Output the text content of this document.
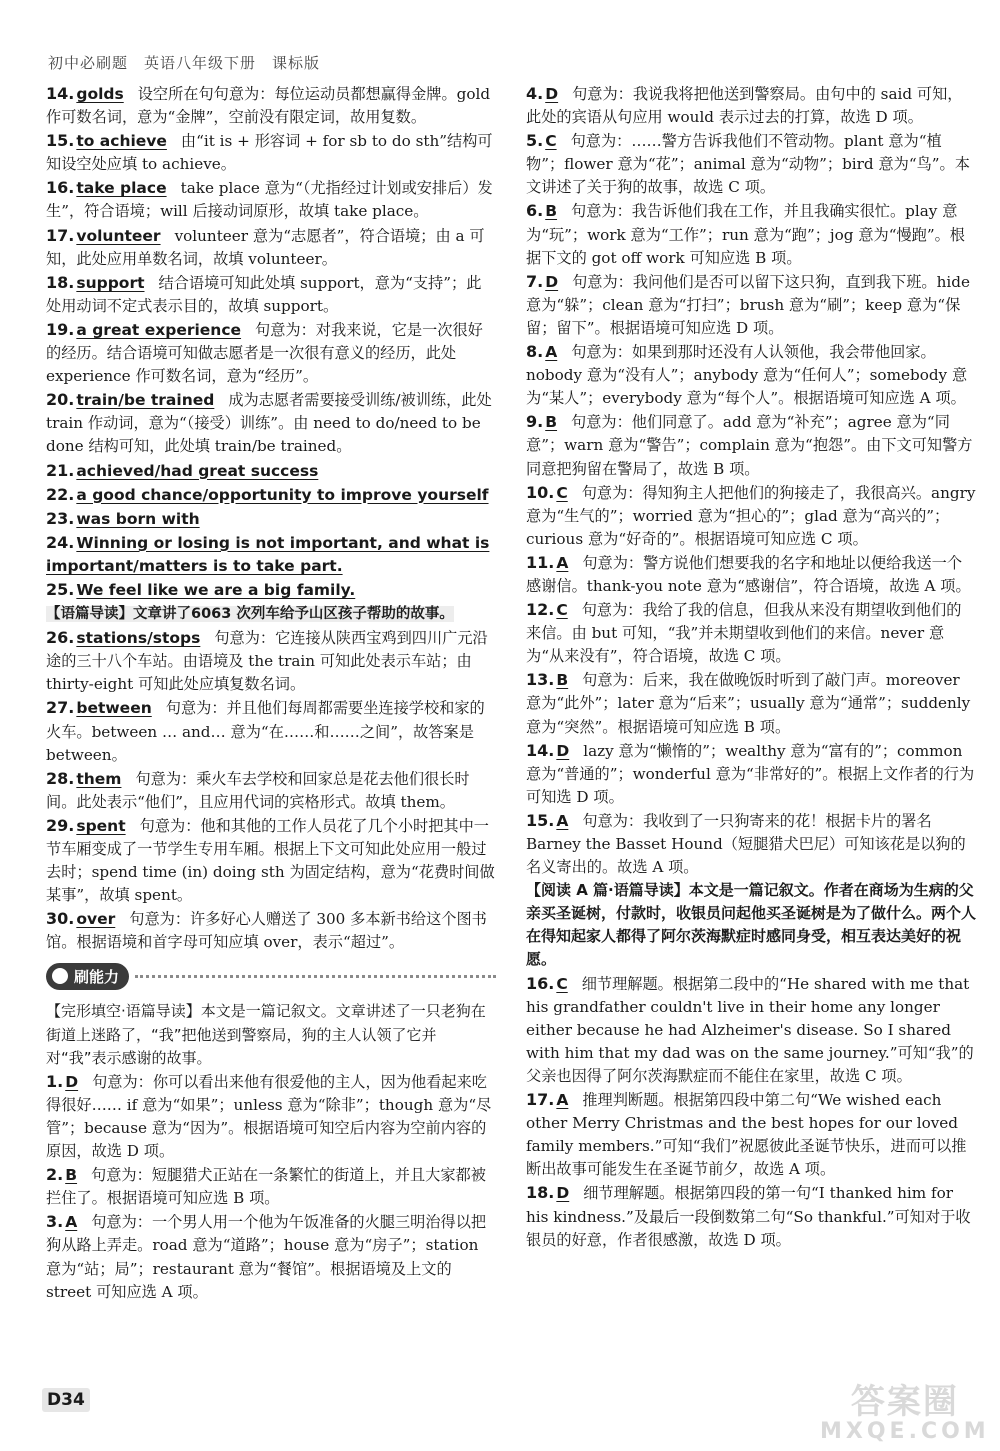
初中必刷题　英语八年级下册　课标版

14. golds 设空所在句句意为：每位运动员都想赢得金牌。gold 作可数名词，意为“金牌”，空前没有限定词，故用复数。

15. to achieve 由“it is + 形容词 + for sb to do sth”结构可知设空处应填 to achieve。

16. take place take place 意为“（尤指经过计划或安排后）发生”，符合语境；will 后接动词原形，故填 take place。

17. volunteer volunteer 意为“志愿者”，符合语境；由 a 可知，此处应用单数名词，故填 volunteer。

18. support 结合语境可知此处填 support，意为“支持”；此处用动词不定式表示目的，故填 support。

19. a great experience 句意为：对我来说，它是一次很好的经历。结合语境可知做志愿者是一次很有意义的经历，此处 experience 作可数名词，意为“经历”。

20. train/be trained 成为志愿者需要接受训练/被训练，此处 train 作动词，意为“（接受）训练”。由 need to do/need to be done 结构可知，此处填 train/be trained。

21. achieved/had great success

22. a good chance/opportunity to improve yourself

23. was born with

24. Winning or losing is not important, and what is important/matters is to take part.

25. We feel like we are a big family.

【语篇导读】文章讲了6063 次列车给予山区孩子帮助的故事。

26. stations/stops 句意为：它连接从陕西宝鸡到四川广元沿途的三十八个车站。由语境及 the train 可知此处表示车站；由 thirty-eight 可知此处应填复数名词。

27. between 句意为：并且他们每周都需要坐连接学校和家的火车。between … and… 意为“在……和……之间”，故答案是 between。

28. them 句意为：乘火车去学校和回家总是花去他们很长时间。此处表示“他们”，且应用代词的宾格形式。故填 them。

29. spent 句意为：他和其他的工作人员花了几个小时把其中一节车厢变成了一节学生专用车厢。根据上下文可知此处应用一般过去时；spend time (in) doing sth 为固定结构，意为“花费时间做某事”，故填 spent。

30. over 句意为：许多好心人赠送了 300 多本新书给这个图书馆。根据语境和首字母可知应填 over，表示“超过”。

刷能力

【完形填空·语篇导读】本文是一篇记叙文。文章讲述了一只老狗在街道上迷路了，“我”把他送到警察局，狗的主人认领了它并对“我”表示感谢的故事。

1. D 句意为：你可以看出来他有很爱他的主人，因为他看起来吃得很好…… if 意为“如果”；unless 意为“除非”；though 意为“尽管”；because 意为“因为”。根据语境可知空后内容为空前内容的原因，故选 D 项。

2. B 句意为：短腿猎犬正站在一条繁忙的街道上，并且大家都被拦住了。根据语境可知应选 B 项。

3. A 句意为：一个男人用一个他为午饭准备的火腿三明治得以把狗从路上弄走。road 意为“道路”；house 意为“房子”；station 意为“站；局”；restaurant 意为“餐馆”。根据语境及上文的 street 可知应选 A 项。

4. D 句意为：我说我将把他送到警察局。由句中的 said 可知，此处的宾语从句应用 would 表示过去的打算，故选 D 项。

5. C 句意为：……警方告诉我他们不管动物。plant 意为“植物”；flower 意为“花”；animal 意为“动物”；bird 意为“鸟”。本文讲述了关于狗的故事，故选 C 项。

6. B 句意为：我告诉他们我在工作，并且我确实很忙。play 意为“玩”；work 意为“工作”；run 意为“跑”；jog 意为“慢跑”。根据下文的 got off work 可知应选 B 项。

7. D 句意为：我问他们是否可以留下这只狗，直到我下班。hide 意为“躲”；clean 意为“打扫”；brush 意为“刷”；keep 意为“保留；留下”。根据语境可知应选 D 项。

8. A 句意为：如果到那时还没有人认领他，我会带他回家。nobody 意为“没有人”；anybody 意为“任何人”；somebody 意为“某人”；everybody 意为“每个人”。根据语境可知应选 A 项。

9. B 句意为：他们同意了。add 意为“补充”；agree 意为“同意”；warn 意为“警告”；complain 意为“抱怨”。由下文可知警方同意把狗留在警局了，故选 B 项。

10. C 句意为：得知狗主人把他们的狗接走了，我很高兴。angry 意为“生气的”；worried 意为“担心的”；glad 意为“高兴的”；curious 意为“好奇的”。根据语境可知应选 C 项。

11. A 句意为：警方说他们想要我的名字和地址以便给我送一个感谢信。thank-you note 意为“感谢信”，符合语境，故选 A 项。

12. C 句意为：我给了我的信息，但我从来没有期望收到他们的来信。由 but 可知，“我”并未期望收到他们的来信。never 意为“从来没有”，符合语境，故选 C 项。

13. B 句意为：后来，我在做晚饭时听到了敲门声。moreover 意为“此外”；later 意为“后来”；usually 意为“通常”；suddenly 意为“突然”。根据语境可知应选 B 项。

14. D lazy 意为“懒惰的”；wealthy 意为“富有的”；common 意为“普通的”；wonderful 意为“非常好的”。根据上文作者的行为可知选 D 项。

15. A 句意为：我收到了一只狗寄来的花！根据卡片的署名 Barney the Basset Hound（短腿猎犬巴尼）可知该花是以狗的名义寄出的。故选 A 项。

【阅读 A 篇·语篇导读】本文是一篇记叙文。作者在商场为生病的父亲买圣诞树，付款时，收银员问起他买圣诞树是为了做什么。两个人在得知起家人都得了阿尔茨海默症时感同身受，相互表达美好的祝愿。

16. C 细节理解题。根据第二段中的“He shared with me that his grandfather couldn't live in their home any longer either because he had Alzheimer's disease. So I shared with him that my dad was on the same journey.”可知“我”的父亲也因得了阿尔茨海默症而不能住在家里，故选 C 项。

17. A 推理判断题。根据第四段中第二句“We wished each other Merry Christmas and the best hopes for our loved family members.”可知“我们”祝愿彼此圣诞节快乐，进而可以推断出故事可能发生在圣诞节前夕，故选 A 项。

18. D 细节理解题。根据第四段的第一句“I thanked him for his kindness.”及最后一段倒数第二句“So thankful.”可知对于收银员的好意，作者很感激，故选 D 项。

D34	答案圈
MXQE.COM
